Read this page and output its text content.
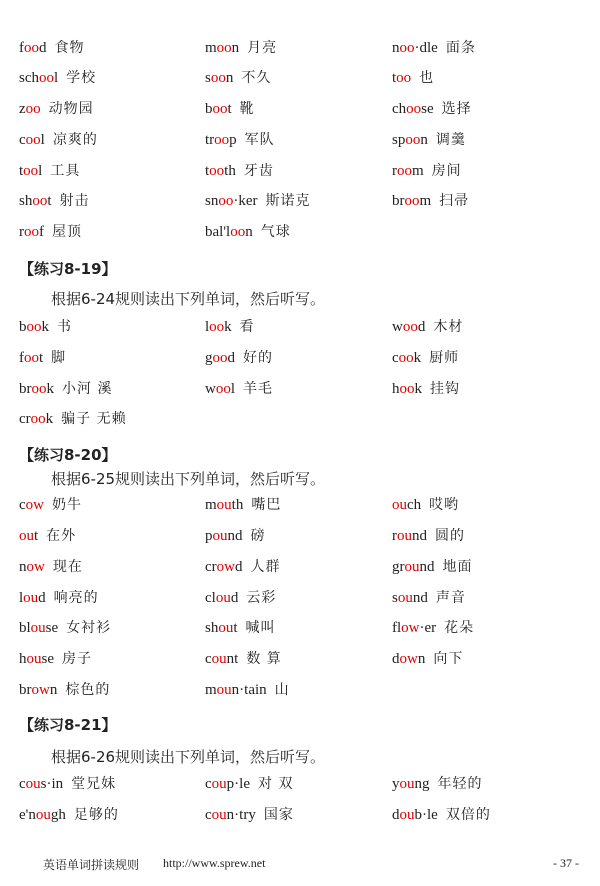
food 食物	moon 月亮	noo·dle 面条
school 学校	soon 不久	too 也
zoo 动物园	boot 靴	choose 选择
cool 凉爽的	troop 军队	spoon 调羹
tool 工具	tooth 牙齿	room 房间
shoot 射击	snoo·ker 斯诺克	broom 扫帚
roof 屋顶	bal'loon 气球
book 书	look 看	wood 木材
foot 脚	good 好的	cook 厨师
brook 小河 溪	wool 羊毛	hook 挂钩
crook 骗子 无赖
cow 奶牛	mouth 嘴巴	ouch 哎哟
out 在外	pound 磅	round 圆的
now 现在	crowd 人群	ground 地面
loud 响亮的	cloud 云彩	sound 声音
blouse 女衬衫	shout 喊叫	flow·er 花朵
house 房子	count 数 算	down 向下
brown 棕色的	moun·tain 山
cous·in 堂兄妹	coup·le 对 双	young 年轻的
e'nough 足够的	coun·try 国家	doub·le 双倍的
【练习8-19】
根据6-24规则读出下列单词，然后听写。
【练习8-20】
根据6-25规则读出下列单词，然后听写。
【练习8-21】
根据6-26规则读出下列单词，然后听写。
英语单词拼读规则 http://www.sprew.net	- 37 -
